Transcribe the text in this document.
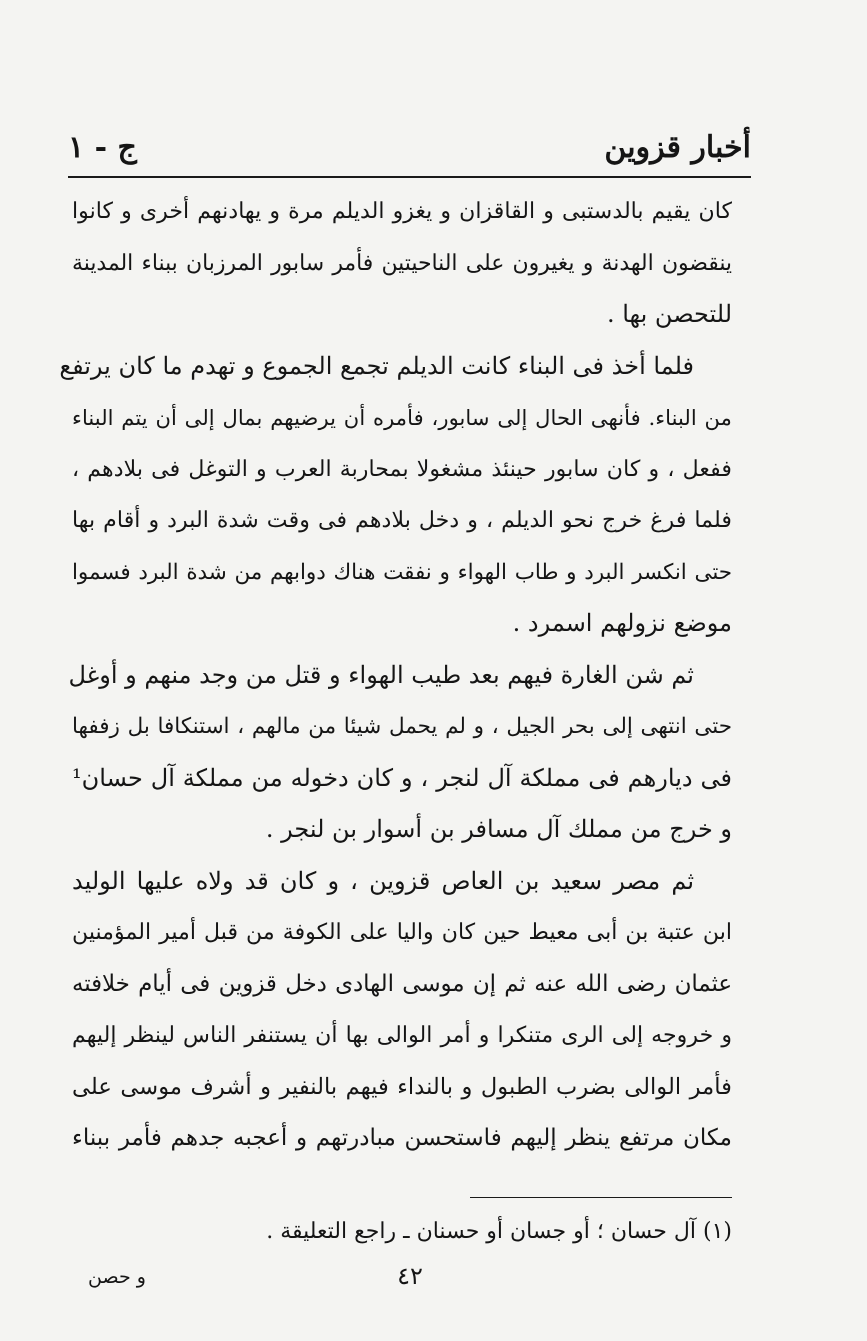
أخبار قزوين
ج - ١
كان يقيم بالدستبى و القاقزان و يغزو الديلم مرة و يهادنهم أخرى و كانوا
ينقضون الهدنة و يغيرون على الناحيتين فأمر سابور المرزبان ببناء المدينة
للتحصن بها .
فلما أخذ فى البناء كانت الديلم تجمع الجموع و تهدم ما كان يرتفع
من البناء. فأنهى الحال إلى سابور، فأمره أن يرضيهم بمال إلى أن يتم البناء
ففعل ، و كان سابور حينئذ مشغولا بمحاربة العرب و التوغل فى بلادهم ،
فلما فرغ خرج نحو الديلم ، و دخل بلادهم فى وقت شدة البرد و أقام بها
حتى انكسر البرد و طاب الهواء و نفقت هناك دوابهم من شدة البرد فسموا
موضع نزولهم اسمرد .
ثم شن الغارة فيهم بعد طيب الهواء و قتل من وجد منهم و أوغل
حتى انتهى إلى بحر الجيل ، و لم يحمل شيئا من مالهم ، استنكافا بل زففها
فى ديارهم فى مملكة آل لنجر ، و كان دخوله من مملكة آل حسان¹
و خرج من مملك آل مسافر بن أسوار بن لنجر .
ثم مصر سعيد بن العاص قزوين ، و كان قد ولاه عليها الوليد
ابن عتبة بن أبى معيط حين كان واليا على الكوفة من قبل أمير المؤمنين
عثمان رضى الله عنه ثم إن موسى الهادى دخل قزوين فى أيام خلافته
و خروجه إلى الرى متنكرا و أمر الوالى بها أن يستنفر الناس لينظر إليهم
فأمر الوالى بضرب الطبول و بالنداء فيهم بالنفير و أشرف موسى على
مكان مرتفع ينظر إليهم فاستحسن مبادرتهم و أعجبه جدهم فأمر ببناء
(١) آل حسان ؛ أو جسان أو حسنان ـ راجع التعليقة .
و حصن	٤٢
